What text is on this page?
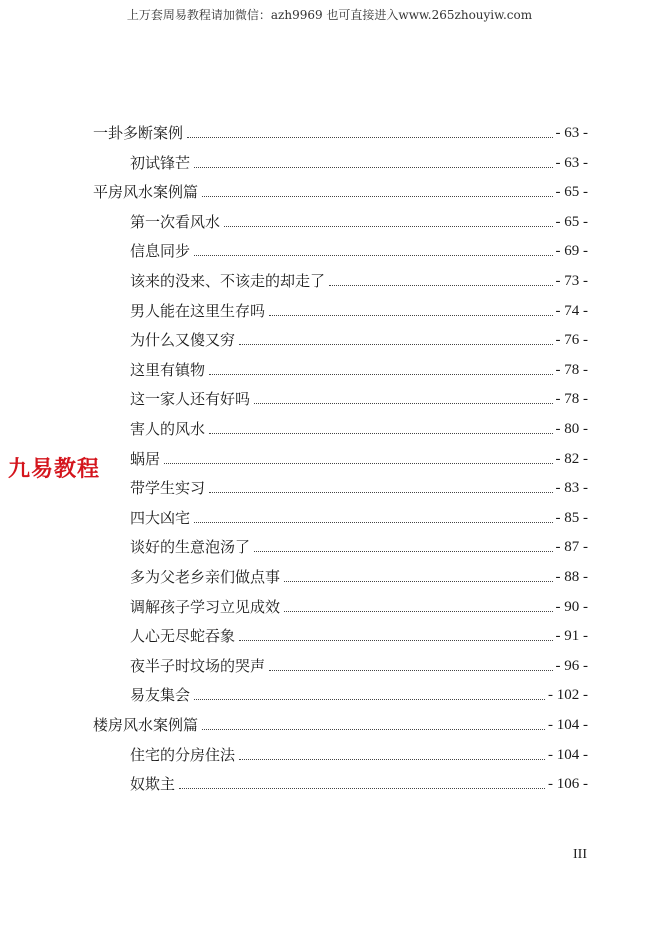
上万套周易教程请加微信：azh9969 也可直接进入www.265zhouyiw.com
九易教程
一卦多断案例	- 63 -
初试锋芒	- 63 -
平房风水案例篇	- 65 -
第一次看风水	- 65 -
信息同步	- 69 -
该来的没来、不该走的却走了	- 73 -
男人能在这里生存吗	- 74 -
为什么又傻又穷	- 76 -
这里有镇物	- 78 -
这一家人还有好吗	- 78 -
害人的风水	- 80 -
蜗居	- 82 -
带学生实习	- 83 -
四大凶宅	- 85 -
谈好的生意泡汤了	- 87 -
多为父老乡亲们做点事	- 88 -
调解孩子学习立见成效	- 90 -
人心无尽蛇吞象	- 91 -
夜半子时坟场的哭声	- 96 -
易友集会	- 102 -
楼房风水案例篇	- 104 -
住宅的分房住法	- 104 -
奴欺主	- 106 -
III
